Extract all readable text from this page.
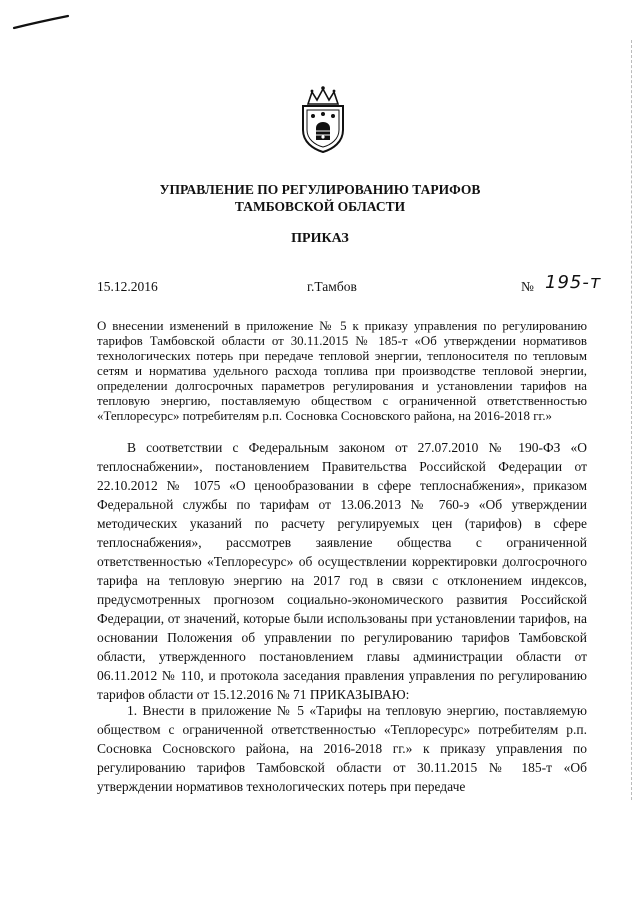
УПРАВЛЕНИЕ ПО РЕГУЛИРОВАНИЮ ТАРИФОВ
ТАМБОВСКОЙ ОБЛАСТИ
ПРИКАЗ
15.12.2016	г.Тамбов	№ 195-т
О внесении изменений в приложение № 5 к приказу управления по регулированию тарифов Тамбовской области от 30.11.2015 № 185-т «Об утверждении нормативов технологических потерь при передаче тепловой энергии, теплоносителя по тепловым сетям и норматива удельного расхода топлива при производстве тепловой энергии, определении долгосрочных параметров регулирования и установлении тарифов на тепловую энергию, поставляемую обществом с ограниченной ответственностью «Теплоресурс» потребителям р.п. Сосновка Сосновского района, на 2016-2018 гг.»
В соответствии с Федеральным законом от 27.07.2010 № 190-ФЗ «О теплоснабжении», постановлением Правительства Российской Федерации от 22.10.2012 № 1075 «О ценообразовании в сфере теплоснабжения», приказом Федеральной службы по тарифам от 13.06.2013 № 760-э «Об утверждении методических указаний по расчету регулируемых цен (тарифов) в сфере теплоснабжения», рассмотрев заявление общества с ограниченной ответственностью «Теплоресурс» об осуществлении корректировки долгосрочного тарифа на тепловую энергию на 2017 год в связи с отклонением индексов, предусмотренных прогнозом социально-экономического развития Российской Федерации, от значений, которые были использованы при установлении тарифов, на основании Положения об управлении по регулированию тарифов Тамбовской области, утвержденного постановлением главы администрации области от 06.11.2012 № 110, и протокола заседания правления управления по регулированию тарифов области от 15.12.2016 № 71 ПРИКАЗЫВАЮ:
1. Внести в приложение № 5 «Тарифы на тепловую энергию, поставляемую обществом с ограниченной ответственностью «Теплоресурс» потребителям р.п. Сосновка Сосновского района, на 2016-2018 гг.» к приказу управления по регулированию тарифов Тамбовской области от 30.11.2015 № 185-т «Об утверждении нормативов технологических потерь при передаче
